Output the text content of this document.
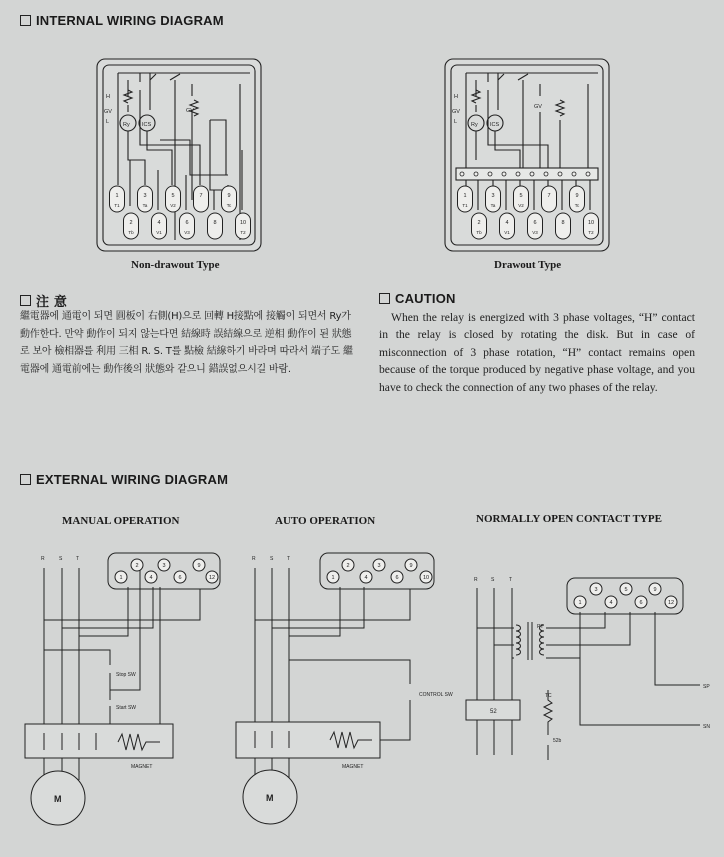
INTERNAL WIRING DIAGRAM
注 意	CAUTION
EXTERNAL WIRING DIAGRAM
Non-drawout Type	Drawout Type
繼電器에 通電이 되면 圓板이 右側(H)으로 回轉 H接點에 接觸이 되면서 Ry가 動作한다. 만약 動作이 되지 않는다면 結線時 誤結線으로 逆相 動作이 된 狀態로 보아 檢相器를 利用 三相 R. S. T를 點檢 結線하기 바라며 따라서 端子도 繼電器에 通電前에는 動作後의 狀態와 같으니 錯誤없으시길 바람.
When the relay is energized with 3 phase voltages, “H” contact in the relay is closed by rotating the disk. But in case of misconnection of 3 phase rotation, “H” contact remains open because of the torque produced by negative phase voltage, and you have to check the connection of any two phases of the relay.
MANUAL OPERATION	AUTO OPERATION	NORMALLY OPEN CONTACT TYPE
1
T1
3
Ta
5
V2
7	9
Tc
2
Tb
4
V1
6
V3
8	10
T2
1
T1
3
Ta
5
V2
7	9
Tc
2
Tb
4
V1
6
V3
8	10
T2
H
GV
L	Ry ICS
GV
H
GV
L	Ry ICS
GV
R	S	T
Stop SW
Start SW
MAGNET
M
R	S	T
CONTROL SW
MAGNET
M
R	S	T
PT
TC
52
52b
SP
SN
2	3	9
1	4	6	12
2	3	9
1	4	6	10
3	5	9
1	4	6	12
